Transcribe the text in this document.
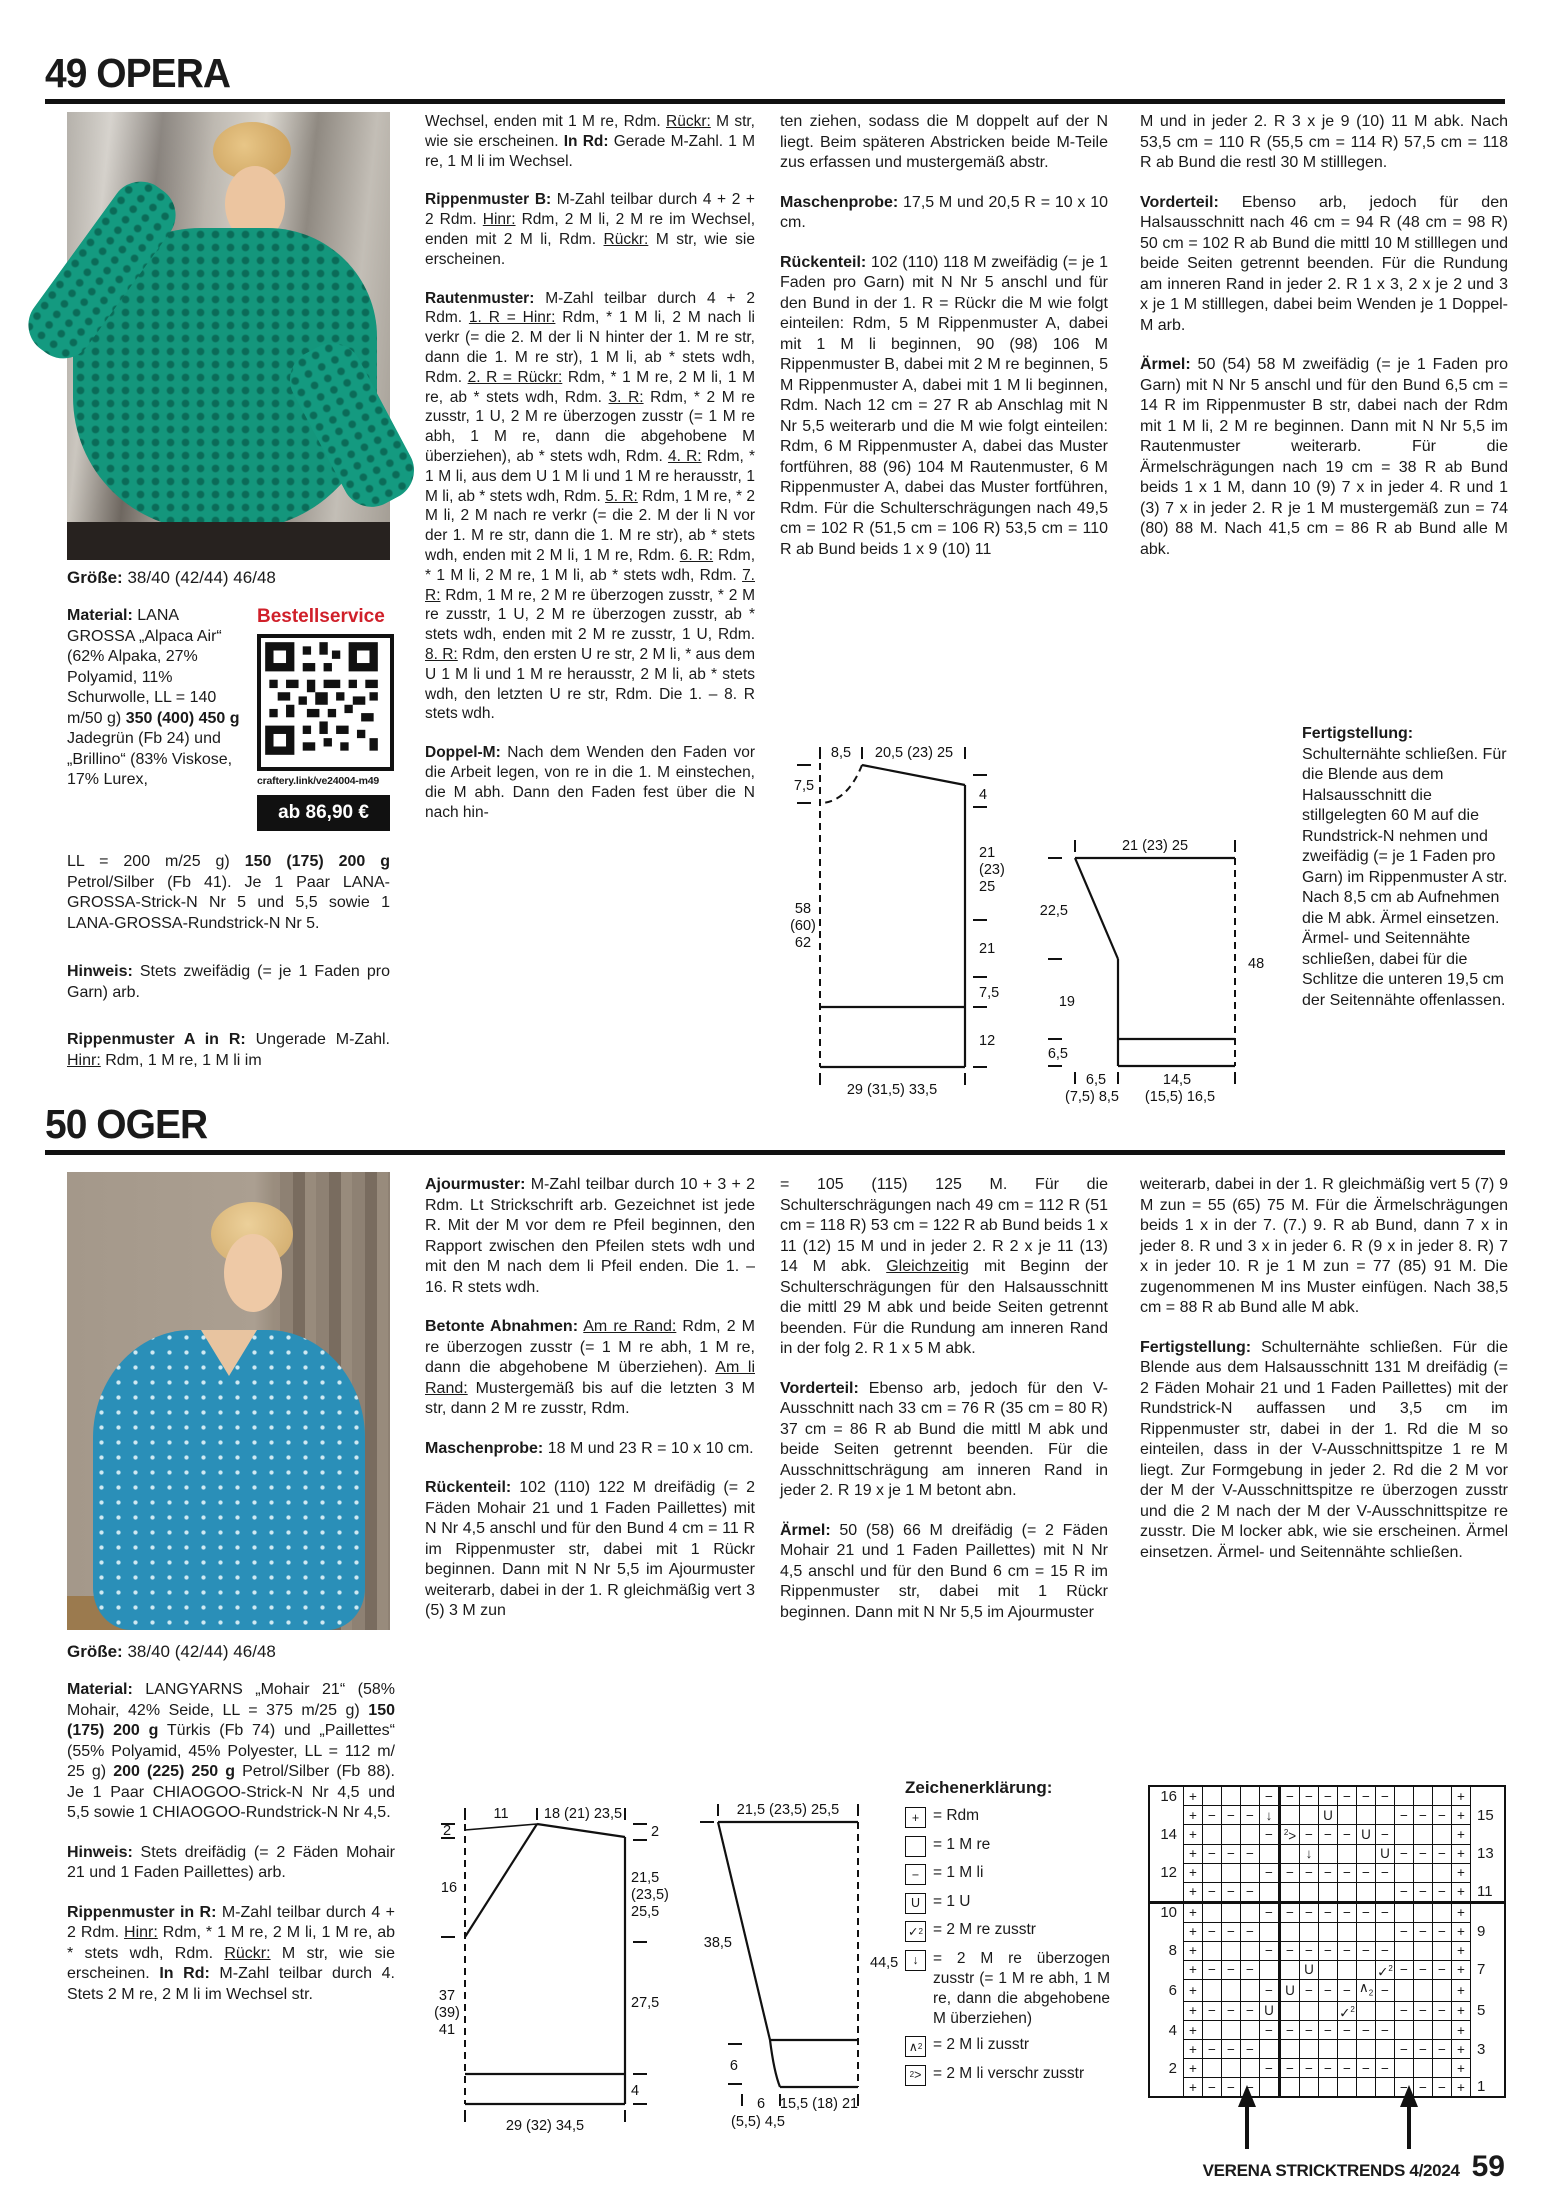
49 OPERA
Größe: 38/40 (42/44) 46/48
Material: LANA GROSSA „Alpaca Air“ (62% Alpaka, 27% Polyamid, 11% Schurwolle, LL = 140 m/50 g) 350 (400) 450 g Jadegrün (Fb 24) und „Brillino“ (83% Viskose, 17% Lurex,
Bestellservice
craftery.link/ve24004-m49
ab 86,90 €
LL = 200 m/25 g) 150 (175) 200 g Petrol/Silber (Fb 41). Je 1 Paar LANA-GROSSA-Strick-N Nr 5 und 5,5 sowie 1 LANA-GROSSA-Rundstrick-N Nr 5.
Hinweis: Stets zweifädig (= je 1 Faden pro Garn) arb.
Rippenmuster A in R: Ungerade M-Zahl. Hinr: Rdm, 1 M re, 1 M li im

Wechsel, enden mit 1 M re, Rdm. Rückr: M str, wie sie erscheinen. In Rd: Gerade M-Zahl. 1 M re, 1 M li im Wechsel.

Rippenmuster B: M-Zahl teilbar durch 4 + 2 + 2 Rdm. Hinr: Rdm, 2 M li, 2 M re im Wechsel, enden mit 2 M li, Rdm. Rückr: M str, wie sie erscheinen.

Rautenmuster: M-Zahl teilbar durch 4 + 2 Rdm. 1. R = Hinr: Rdm, * 1 M li, 2 M nach li verkr (= die 2. M der li N hinter der 1. M re str, dann die 1. M re str), 1 M li, ab * stets wdh, Rdm. 2. R = Rückr: Rdm, * 1 M re, 2 M li, 1 M re, ab * stets wdh, Rdm. 3. R: Rdm, * 2 M re zusstr, 1 U, 2 M re überzogen zusstr (= 1 M re abh, 1 M re, dann die abgehobene M überziehen), ab * stets wdh, Rdm. 4. R: Rdm, * 1 M li, aus dem U 1 M li und 1 M re herausstr, 1 M li, ab * stets wdh, Rdm. 5. R: Rdm, 1 M re, * 2 M li, 2 M nach re verkr (= die 2. M der li N vor der 1. M re str, dann die 1. M re str), ab * stets wdh, enden mit 2 M li, 1 M re, Rdm. 6. R: Rdm, * 1 M li, 2 M re, 1 M li, ab * stets wdh, Rdm. 7. R: Rdm, 1 M re, 2 M re überzogen zusstr, * 2 M re zusstr, 1 U, 2 M re überzogen zusstr, ab * stets wdh, enden mit 2 M re zusstr, 1 U, Rdm. 8. R: Rdm, den ersten U re str, 2 M li, * aus dem U 1 M li und 1 M re herausstr, 2 M li, ab * stets wdh, den letzten U re str, Rdm. Die 1. – 8. R stets wdh.

Doppel-M: Nach dem Wenden den Faden vor die Arbeit legen, von re in die 1. M einstechen, die M abh. Dann den Faden fest über die N nach hin-

ten ziehen, sodass die M doppelt auf der N liegt. Beim späteren Abstricken beide M-Teile zus erfassen und mustergemäß abstr.

Maschenprobe: 17,5 M und 20,5 R = 10 x 10 cm.

Rückenteil: 102 (110) 118 M zweifädig (= je 1 Faden pro Garn) mit N Nr 5 anschl und für den Bund in der 1. R = Rückr die M wie folgt einteilen: Rdm, 5 M Rippenmuster A, dabei mit 1 M li beginnen, 90 (98) 106 M Rippenmuster B, dabei mit 2 M re beginnen, 5 M Rippenmuster A, dabei mit 1 M li beginnen, Rdm. Nach 12 cm = 27 R ab Anschlag mit N Nr 5,5 weiterarb und die M wie folgt einteilen: Rdm, 6 M Rippenmuster A, dabei das Muster fortführen, 88 (96) 104 M Rautenmuster, 6 M Rippenmuster A, dabei das Muster fortführen, Rdm. Für die Schulterschrägungen nach 49,5 cm = 102 R (51,5 cm = 106 R) 53,5 cm = 110 R ab Bund beids 1 x 9 (10) 11

M und in jeder 2. R 3 x je 9 (10) 11 M abk. Nach 53,5 cm = 110 R (55,5 cm = 114 R) 57,5 cm = 118 R ab Bund die restl 30 M stilllegen.

Vorderteil: Ebenso arb, jedoch für den Halsausschnitt nach 46 cm = 94 R (48 cm = 98 R) 50 cm = 102 R ab Bund die mittl 10 M stilllegen und beide Seiten getrennt beenden. Für die Rundung am inneren Rand in jeder 2. R 1 x 3, 2 x je 2 und 3 x je 1 M stilllegen, dabei beim Wenden je 1 Doppel-M arb.

Ärmel: 50 (54) 58 M zweifädig (= je 1 Faden pro Garn) mit N Nr 5 anschl und für den Bund 6,5 cm = 14 R im Rippenmuster B str, dabei nach der Rdm mit 1 M li, 2 M re beginnen. Dann mit N Nr 5,5 im Rautenmuster weiterarb. Für die Ärmelschrägungen nach 19 cm = 38 R ab Bund beids 1 x 1 M, dann 10 (9) 7 x in jeder 4. R und 1 (3) 7 x in jeder 2. R je 1 M mustergemäß zun = 74 (80) 88 M. Nach 41,5 cm = 86 R ab Bund alle M abk.

Fertigstellung: Schulternähte schließen. Für die Blende aus dem Halsausschnitt die stillgelegten 60 M auf die Rundstrick-N nehmen und zweifädig (= je 1 Faden pro Garn) im Rippenmuster A str. Nach 8,5 cm ab Aufnehmen die M abk. Ärmel einsetzen. Ärmel- und Seitennähte schließen, dabei für die Schlitze die unteren 19,5 cm der Seitennähte offenlassen.
8,5 20,5 (23) 25
7,5
58
(60)
62
4
21
(23)
25
21
7,5
12
29 (31,5) 33,5
21 (23) 25
22,5
19
6,5
48
6,5	14,5
(7,5) 8,5 (15,5) 16,5
50 OGER
Größe: 38/40 (42/44) 46/48

Material: LANGYARNS „Mohair 21“ (58% Mohair, 42% Seide, LL = 375 m/25 g) 150 (175) 200 g Türkis (Fb 74) und „Paillettes“ (55% Polyamid, 45% Polyester, LL = 112 m/ 25 g) 200 (225) 250 g Petrol/Silber (Fb 88). Je 1 Paar CHIAOGOO-Strick-N Nr 4,5 und 5,5 sowie 1 CHIAOGOO-Rundstrick-N Nr 4,5.

Hinweis: Stets dreifädig (= 2 Fäden Mohair 21 und 1 Faden Paillettes) arb.

Rippenmuster in R: M-Zahl teilbar durch 4 + 2 Rdm. Hinr: Rdm, * 1 M re, 2 M li, 1 M re, ab * stets wdh, Rdm. Rückr: M str, wie sie erscheinen. In Rd: M-Zahl teilbar durch 4. Stets 2 M re, 2 M li im Wechsel str.

Ajourmuster: M-Zahl teilbar durch 10 + 3 + 2 Rdm. Lt Strickschrift arb. Gezeichnet ist jede R. Mit der M vor dem re Pfeil beginnen, den Rapport zwischen den Pfeilen stets wdh und mit den M nach dem li Pfeil enden. Die 1. – 16. R stets wdh.

Betonte Abnahmen: Am re Rand: Rdm, 2 M re überzogen zusstr (= 1 M re abh, 1 M re, dann die abgehobene M überziehen). Am li Rand: Mustergemäß bis auf die letzten 3 M str, dann 2 M re zusstr, Rdm.

Maschenprobe: 18 M und 23 R = 10 x 10 cm.

Rückenteil: 102 (110) 122 M dreifädig (= 2 Fäden Mohair 21 und 1 Faden Paillettes) mit N Nr 4,5 anschl und für den Bund 4 cm = 11 R im Rippenmuster str, dabei mit 1 Rückr beginnen. Dann mit N Nr 5,5 im Ajourmuster weiterarb, dabei in der 1. R gleichmäßig vert 3 (5) 3 M zun

= 105 (115) 125 M. Für die Schulterschrägungen nach 49 cm = 112 R (51 cm = 118 R) 53 cm = 122 R ab Bund beids 1 x 11 (12) 15 M und in jeder 2. R 2 x je 11 (13) 14 M abk. Gleichzeitig mit Beginn der Schulterschrägungen für den Halsausschnitt die mittl 29 M abk und beide Seiten getrennt beenden. Für die Rundung am inneren Rand in der folg 2. R 1 x 5 M abk.

Vorderteil: Ebenso arb, jedoch für den V-Ausschnitt nach 33 cm = 76 R (35 cm = 80 R) 37 cm = 86 R ab Bund die mittl M abk und beide Seiten getrennt beenden. Für die Ausschnittschrägung am inneren Rand in jeder 2. R 19 x je 1 M betont abn.

Ärmel: 50 (58) 66 M dreifädig (= 2 Fäden Mohair 21 und 1 Faden Paillettes) mit N Nr 4,5 anschl und für den Bund 6 cm = 15 R im Rippenmuster str, dabei mit 1 Rückr beginnen. Dann mit N Nr 5,5 im Ajourmuster

weiterarb, dabei in der 1. R gleichmäßig vert 5 (7) 9 M zun = 55 (65) 75 M. Für die Ärmelschrägungen beids 1 x in der 7. (7.) 9. R ab Bund, dann 7 x in jeder 8. R und 3 x in jeder 6. R (9 x in jeder 8. R) 7 x in jeder 10. R je 1 M zun = 77 (85) 91 M. Die zugenommenen M ins Muster einfügen. Nach 38,5 cm = 88 R ab Bund alle M abk.

Fertigstellung: Schulternähte schließen. Für die Blende aus dem Halsausschnitt 131 M dreifädig (= 2 Fäden Mohair 21 und 1 Faden Paillettes) mit der Rundstrick-N auffassen und 3,5 cm im Rippenmuster str, dabei in der 1. Rd die M so einteilen, dass in der V-Ausschnittspitze 1 re M liegt. Zur Formgebung in jeder 2. Rd die 2 M vor der M der V-Ausschnittspitze re überzogen zusstr und die 2 M nach der M der V-Ausschnittspitze re zusstr. Die M locker abk, wie sie erscheinen. Ärmel einsetzen. Ärmel- und Seitennähte schließen.

11 18 (21) 23,5
2
16
37
(39)
41
2
21,5
(23,5)
25,5
27,5
4
29 (32) 34,5
21,5 (23,5) 25,5
38,5
6
44,5
6 15,5 (18) 21
(5,5) 4,5
Zeichenerklärung:
+ = Rdm
= 1 M re
− = 1 M li
U = 1 U
✓ 2 = 2 M re zusstr
↓ = 2 M re überzogen zusstr (= 1 M re abh, 1 M re, dann die abgehobene M überziehen)
∧ 2 = 2 M li zusstr
2 > = 2 M li verschr zusstr
16	+				−	−	−	−	−	−	−				+	
	+	−	−	−	↓			U				−	−	−	+	15
14	+				−	$^2$>	−	−	−	U	−				+	
	+	−	−	−			↓				U	−	−	−	+	13
12	+				−	−	−	−	−	−	−				+	
	+	−	−	−								−	−	−	+	11
10	+				−	−	−	−	−	−	−				+	
	+	−	−	−								−	−	−	+	9
8	+				−	−	−	−	−	−	−				+	
	+	−	−	−			U				✓$^2$	−	−	−	+	7
6	+				−	U	−	−	−	$\wedge_2$	−				+	
	+	−	−	−	U				✓$^2$			−	−	−	+	5
4	+				−	−	−	−	−	−	−				+	
	+	−	−	−								−	−	−	+	3
2	+				−	−	−	−	−	−	−				+	
	+	−	−	−								−	−	−	+	1
VERENA STRICKTRENDS 4/2024 59
